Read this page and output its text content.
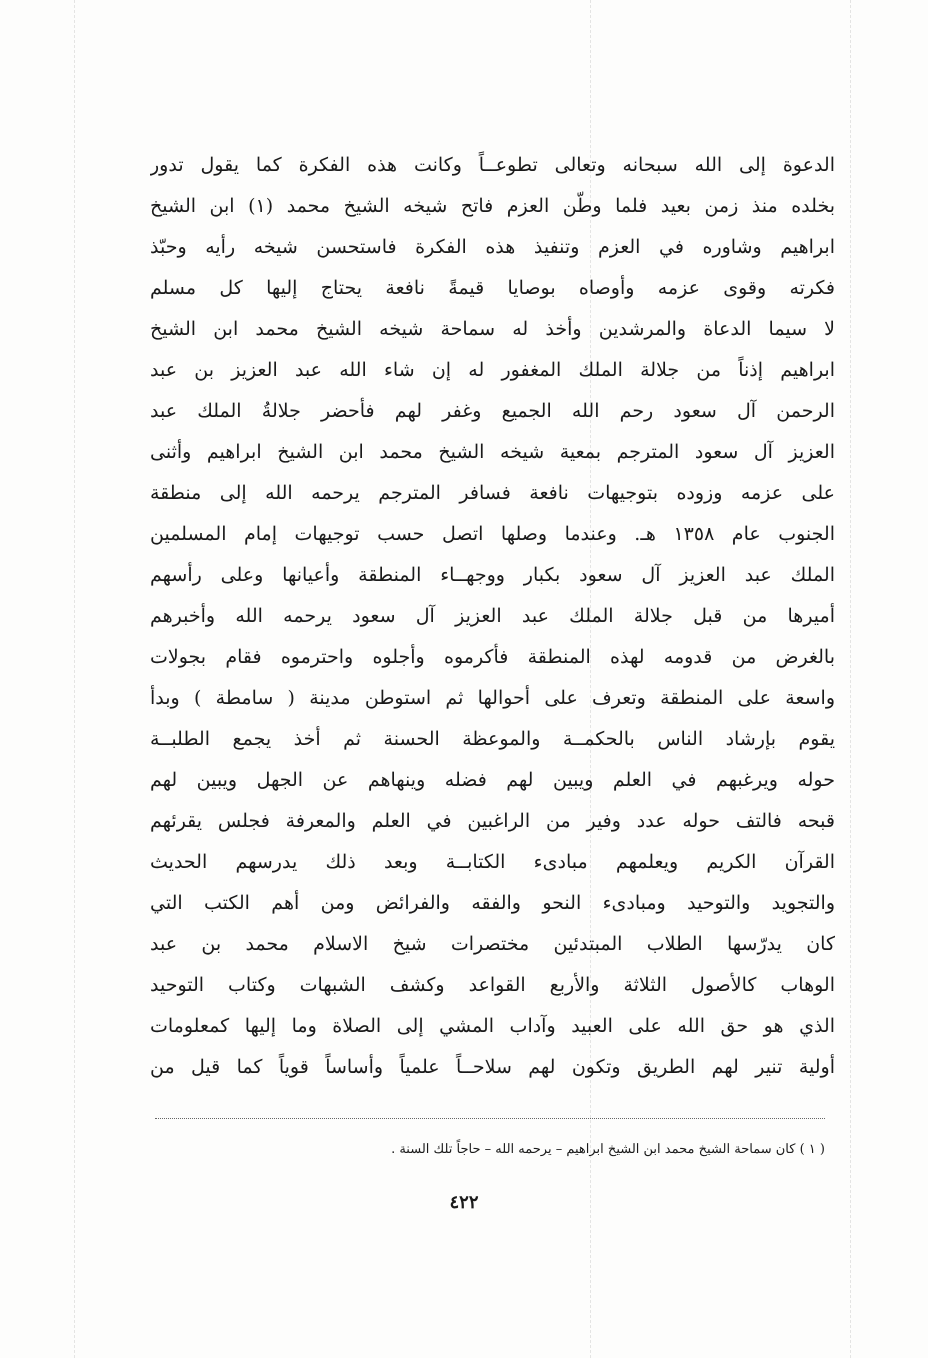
الدعوة إلى الله سبحانه وتعالى تطوعــاً وكانت هذه الفكرة كما يقول تدور
بخلده منذ زمن بعيد فلما وطّن العزم فاتح شيخه الشيخ محمد (١) ابن الشيخ
ابراهيم وشاوره في العزم وتنفيذ هذه الفكرة فاستحسن شيخه رأيه وحبّذ
فكرته وقوى عزمه وأوصاه بوصايا قيمةً نافعة يحتاج إليها كل مسلم
لا سيما الدعاة والمرشدين وأخذ له سماحة شيخه الشيخ محمد ابن الشيخ
ابراهيم إذناً من جلالة الملك المغفور له إن شاء الله عبد العزيز بن عبد
الرحمن آل سعود رحم الله الجميع وغفر لهم فأحضر جلالةُ الملك عبد
العزيز آل سعود المترجم بمعية شيخه الشيخ محمد ابن الشيخ ابراهيم وأثنى
على عزمه وزوده بتوجيهات نافعة فسافر المترجم يرحمه الله إلى منطقة
الجنوب عام ١٣٥٨ هـ. وعندما وصلها اتصل حسب توجيهات إمام المسلمين
الملك عبد العزيز آل سعود بكبار ووجهــاء المنطقة وأعيانها وعلى رأسهم
أميرها من قبل جلالة الملك عبد العزيز آل سعود يرحمه الله وأخبرهم
بالغرض من قدومه لهذه المنطقة فأكرموه وأجلوه واحترموه فقام بجولات
واسعة على المنطقة وتعرف على أحوالها ثم استوطن مدينة ( سامطة ) وبدأ
يقوم بإرشاد الناس بالحكمــة والموعظة الحسنة ثم أخذ يجمع الطلبــة
حوله ويرغبهم في العلم ويبين لهم فضله وينهاهم عن الجهل ويبين لهم
قبحه فالتف حوله عدد وفير من الراغبين في العلم والمعرفة فجلس يقرئهم
القرآن الكريم ويعلمهم مبادىء الكتابــة وبعد ذلك يدرسهم الحديث
والتجويد والتوحيد ومبادىء النحو والفقه والفرائض ومن أهم الكتب التي
كان يدرّسها الطلاب المبتدئين مختصرات شيخ الاسلام محمد بن عبد
الوهاب كالأصول الثلاثة والأربع القواعد وكشف الشبهات وكتاب التوحيد
الذي هو حق الله على العبيد وآداب المشي إلى الصلاة وما إليها كمعلومات
أولية تنير لهم الطريق وتكون لهم سلاحــاً علمياً وأساساً قوياً كما قيل من
( ١ ) كان سماحة الشيخ محمد ابن الشيخ ابراهيم – يرحمه الله – حاجاً تلك السنة .
٤٢٢
